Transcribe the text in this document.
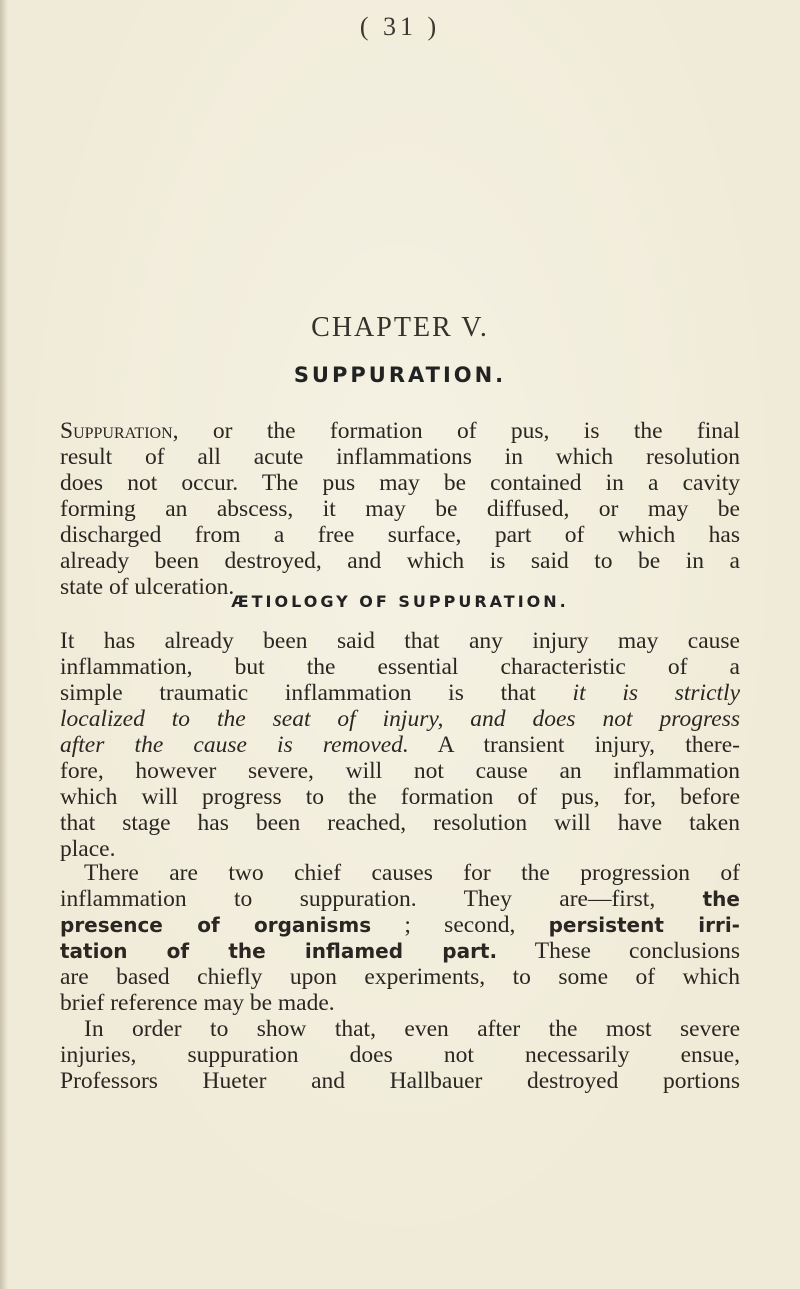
( 31 )
CHAPTER V.
SUPPURATION.
Suppuration, or the formation of pus, is the final
result of all acute inflammations in which resolution
does not occur. The pus may be contained in a cavity
forming an abscess, it may be diffused, or may be
discharged from a free surface, part of which has
already been destroyed, and which is said to be in a
state of ulceration.
ÆTIOLOGY OF SUPPURATION.
It has already been said that any injury may cause
inflammation, but the essential characteristic of a
simple traumatic inflammation is that it is strictly
localized to the seat of injury, and does not progress
after the cause is removed. A transient injury, there-
fore, however severe, will not cause an inflammation
which will progress to the formation of pus, for, before
that stage has been reached, resolution will have taken
place.
There are two chief causes for the progression of
inflammation to suppuration. They are—first, the
presence of organisms ; second, persistent irri-
tation of the inflamed part. These conclusions
are based chiefly upon experiments, to some of which
brief reference may be made.
In order to show that, even after the most severe
injuries, suppuration does not necessarily ensue,
Professors Hueter and Hallbauer destroyed portions
